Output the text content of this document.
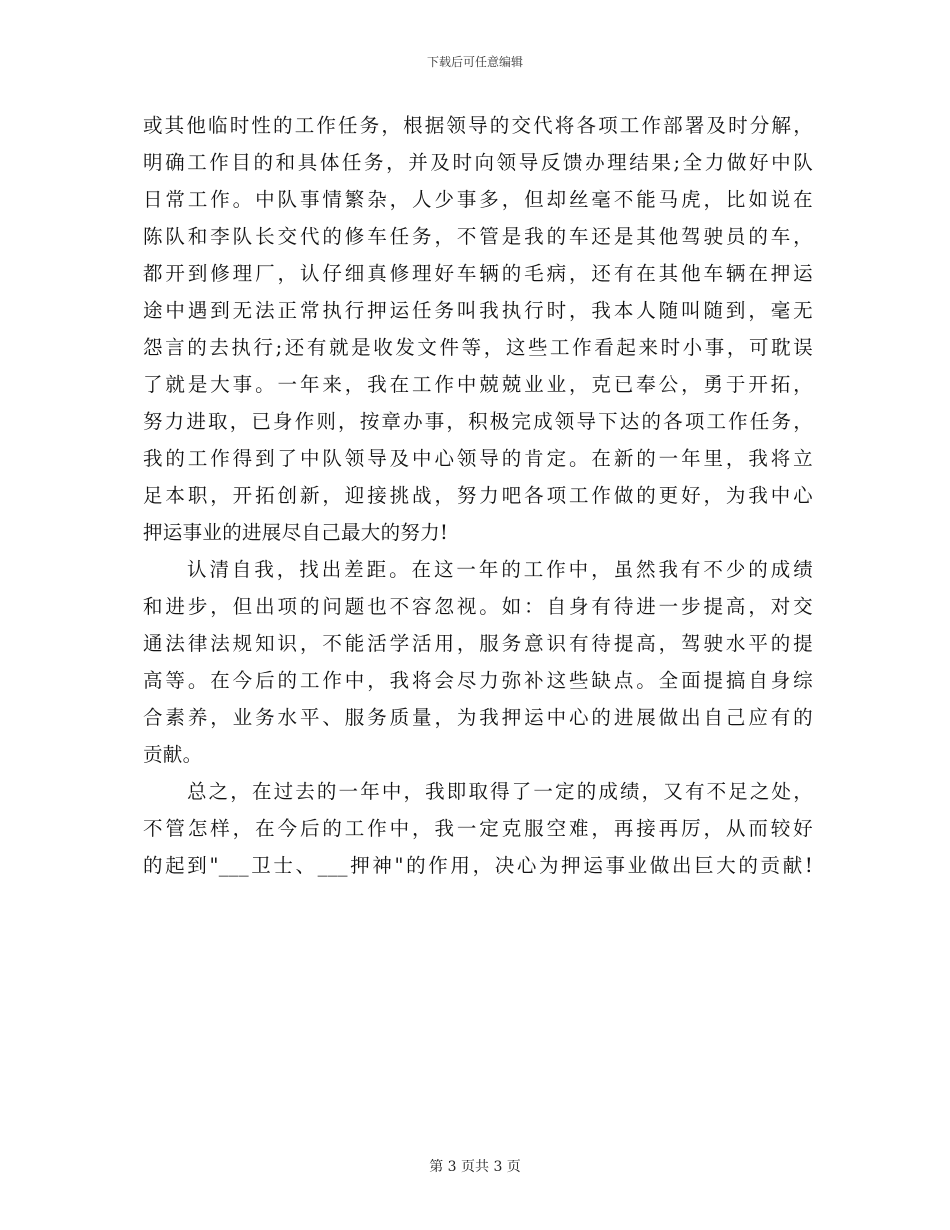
下载后可任意编辑
或其他临时性的工作任务，根据领导的交代将各项工作部署及时分解，
明确工作目的和具体任务，并及时向领导反馈办理结果;全力做好中队
日常工作。中队事情繁杂，人少事多，但却丝毫不能马虎，比如说在
陈队和李队长交代的修车任务，不管是我的车还是其他驾驶员的车，
都开到修理厂，认仔细真修理好车辆的毛病，还有在其他车辆在押运
途中遇到无法正常执行押运任务叫我执行时，我本人随叫随到，毫无
怨言的去执行;还有就是收发文件等，这些工作看起来时小事，可耽误
了就是大事。一年来，我在工作中兢兢业业，克已奉公，勇于开拓，
努力进取，已身作则，按章办事，积极完成领导下达的各项工作任务，
我的工作得到了中队领导及中心领导的肯定。在新的一年里，我将立
足本职，开拓创新，迎接挑战，努力吧各项工作做的更好，为我中心
押运事业的进展尽自己最大的努力!
认清自我，找出差距。在这一年的工作中，虽然我有不少的成绩
和进步，但出项的问题也不容忽视。如：自身有待进一步提高，对交
通法律法规知识，不能活学活用，服务意识有待提高，驾驶水平的提
高等。在今后的工作中，我将会尽力弥补这些缺点。全面提搞自身综
合素养，业务水平、服务质量，为我押运中心的进展做出自己应有的
贡献。
总之，在过去的一年中，我即取得了一定的成绩，又有不足之处，
不管怎样，在今后的工作中，我一定克服空难，再接再厉，从而较好
的起到"___卫士、___押神"的作用，决心为押运事业做出巨大的贡献!
第 3 页共 3 页
